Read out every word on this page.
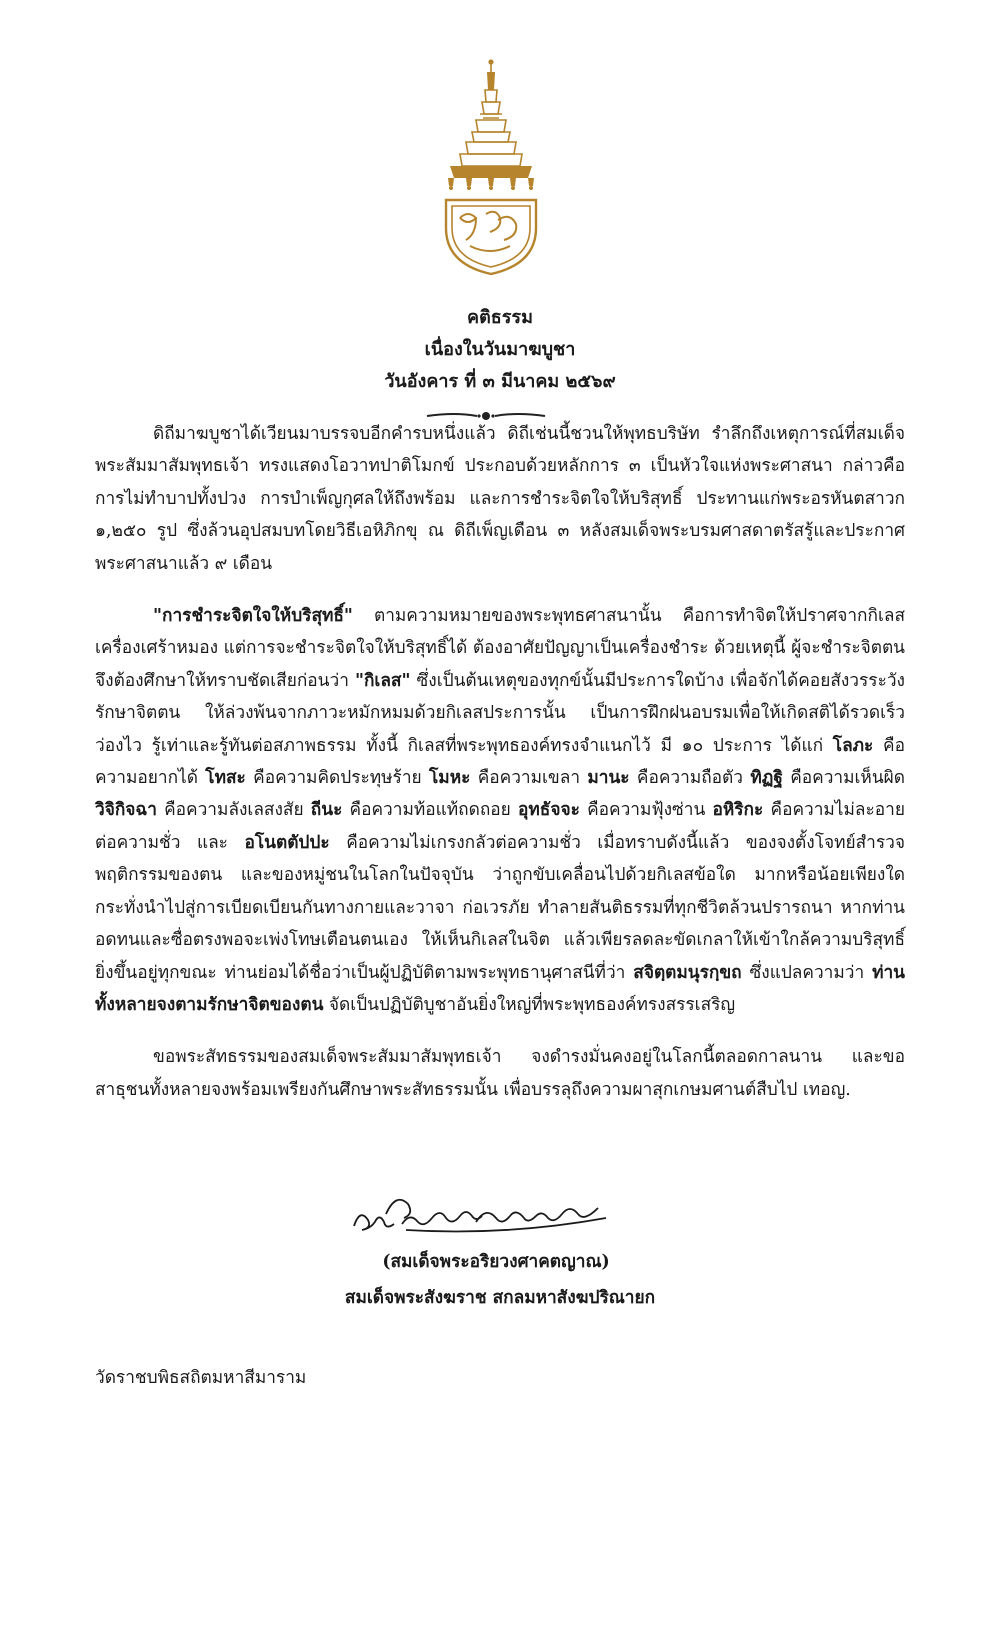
คติธรรม
เนื่องในวันมาฆบูชา
วันอังคาร ที่ ๓ มีนาคม ๒๕๖๙

ดิถีมาฆบูชาได้เวียนมาบรรจบอีกคำรบหนึ่งแล้ว ดิถีเช่นนี้ชวนให้พุทธบริษัท รำลึกถึงเหตุการณ์ที่สมเด็จพระสัมมาสัมพุทธเจ้า ทรงแสดงโอวาทปาติโมกข์ ประกอบด้วยหลักการ ๓ เป็นหัวใจแห่งพระศาสนา กล่าวคือ การไม่ทำบาปทั้งปวง การบำเพ็ญกุศลให้ถึงพร้อม และการชำระจิตใจให้บริสุทธิ์ ประทานแก่พระอรหันตสาวก ๑,๒๕๐ รูป ซึ่งล้วนอุปสมบทโดยวิธีเอหิภิกขุ ณ ดิถีเพ็ญเดือน ๓ หลังสมเด็จพระบรมศาสดาตรัสรู้และประกาศพระศาสนาแล้ว ๙ เดือน

"การชำระจิตใจให้บริสุทธิ์" ตามความหมายของพระพุทธศาสนานั้น คือการทำจิตให้ปราศจากกิเลสเครื่องเศร้าหมอง แต่การจะชำระจิตใจให้บริสุทธิ์ได้ ต้องอาศัยปัญญาเป็นเครื่องชำระ ด้วยเหตุนี้ ผู้จะชำระจิตตน จึงต้องศึกษาให้ทราบชัดเสียก่อนว่า "กิเลส" ซึ่งเป็นต้นเหตุของทุกข์นั้นมีประการใดบ้าง เพื่อจักได้คอยสังวรระวังรักษาจิตตน ให้ล่วงพ้นจากภาวะหมักหมมด้วยกิเลสประการนั้น เป็นการฝึกฝนอบรมเพื่อให้เกิดสติได้รวดเร็วว่องไว รู้เท่าและรู้ทันต่อสภาพธรรม ทั้งนี้ กิเลสที่พระพุทธองค์ทรงจำแนกไว้ มี ๑๐ ประการ ได้แก่ โลภะ คือความอยากได้ โทสะ คือความคิดประทุษร้าย โมหะ คือความเขลา มานะ คือความถือตัว ทิฏฐิ คือความเห็นผิด วิจิกิจฉา คือความลังเลสงสัย ถีนะ คือความท้อแท้ถดถอย อุทธัจจะ คือความฟุ้งซ่าน อหิริกะ คือความไม่ละอายต่อความชั่ว และ อโนตตัปปะ คือความไม่เกรงกลัวต่อความชั่ว เมื่อทราบดังนี้แล้ว ของจงตั้งโจทย์สำรวจพฤติกรรมของตน และของหมู่ชนในโลกในปัจจุบัน ว่าถูกขับเคลื่อนไปด้วยกิเลสข้อใด มากหรือน้อยเพียงใด กระทั่งนำไปสู่การเบียดเบียนกันทางกายและวาจา ก่อเวรภัย ทำลายสันติธรรมที่ทุกชีวิตล้วนปรารถนา หากท่านอดทนและซื่อตรงพอจะเพ่งโทษเตือนตนเอง ให้เห็นกิเลสในจิต แล้วเพียรลดละขัดเกลาให้เข้าใกล้ความบริสุทธิ์ยิ่งขึ้นอยู่ทุกขณะ ท่านย่อมได้ชื่อว่าเป็นผู้ปฏิบัติตามพระพุทธานุศาสนีที่ว่า สจิตฺตมนุรกฺขถ ซึ่งแปลความว่า ท่านทั้งหลายจงตามรักษาจิตของตน จัดเป็นปฏิบัติบูชาอันยิ่งใหญ่ที่พระพุทธองค์ทรงสรรเสริญ

ขอพระสัทธรรมของสมเด็จพระสัมมาสัมพุทธเจ้า จงดำรงมั่นคงอยู่ในโลกนี้ตลอดกาลนาน และขอสาธุชนทั้งหลายจงพร้อมเพรียงกันศึกษาพระสัทธรรมนั้น เพื่อบรรลุถึงความผาสุกเกษมศานต์สืบไป เทอญ.

(สมเด็จพระอริยวงศาคตญาณ)
สมเด็จพระสังฆราช สกลมหาสังฆปริณายก
วัดราชบพิธสถิตมหาสีมาราม
